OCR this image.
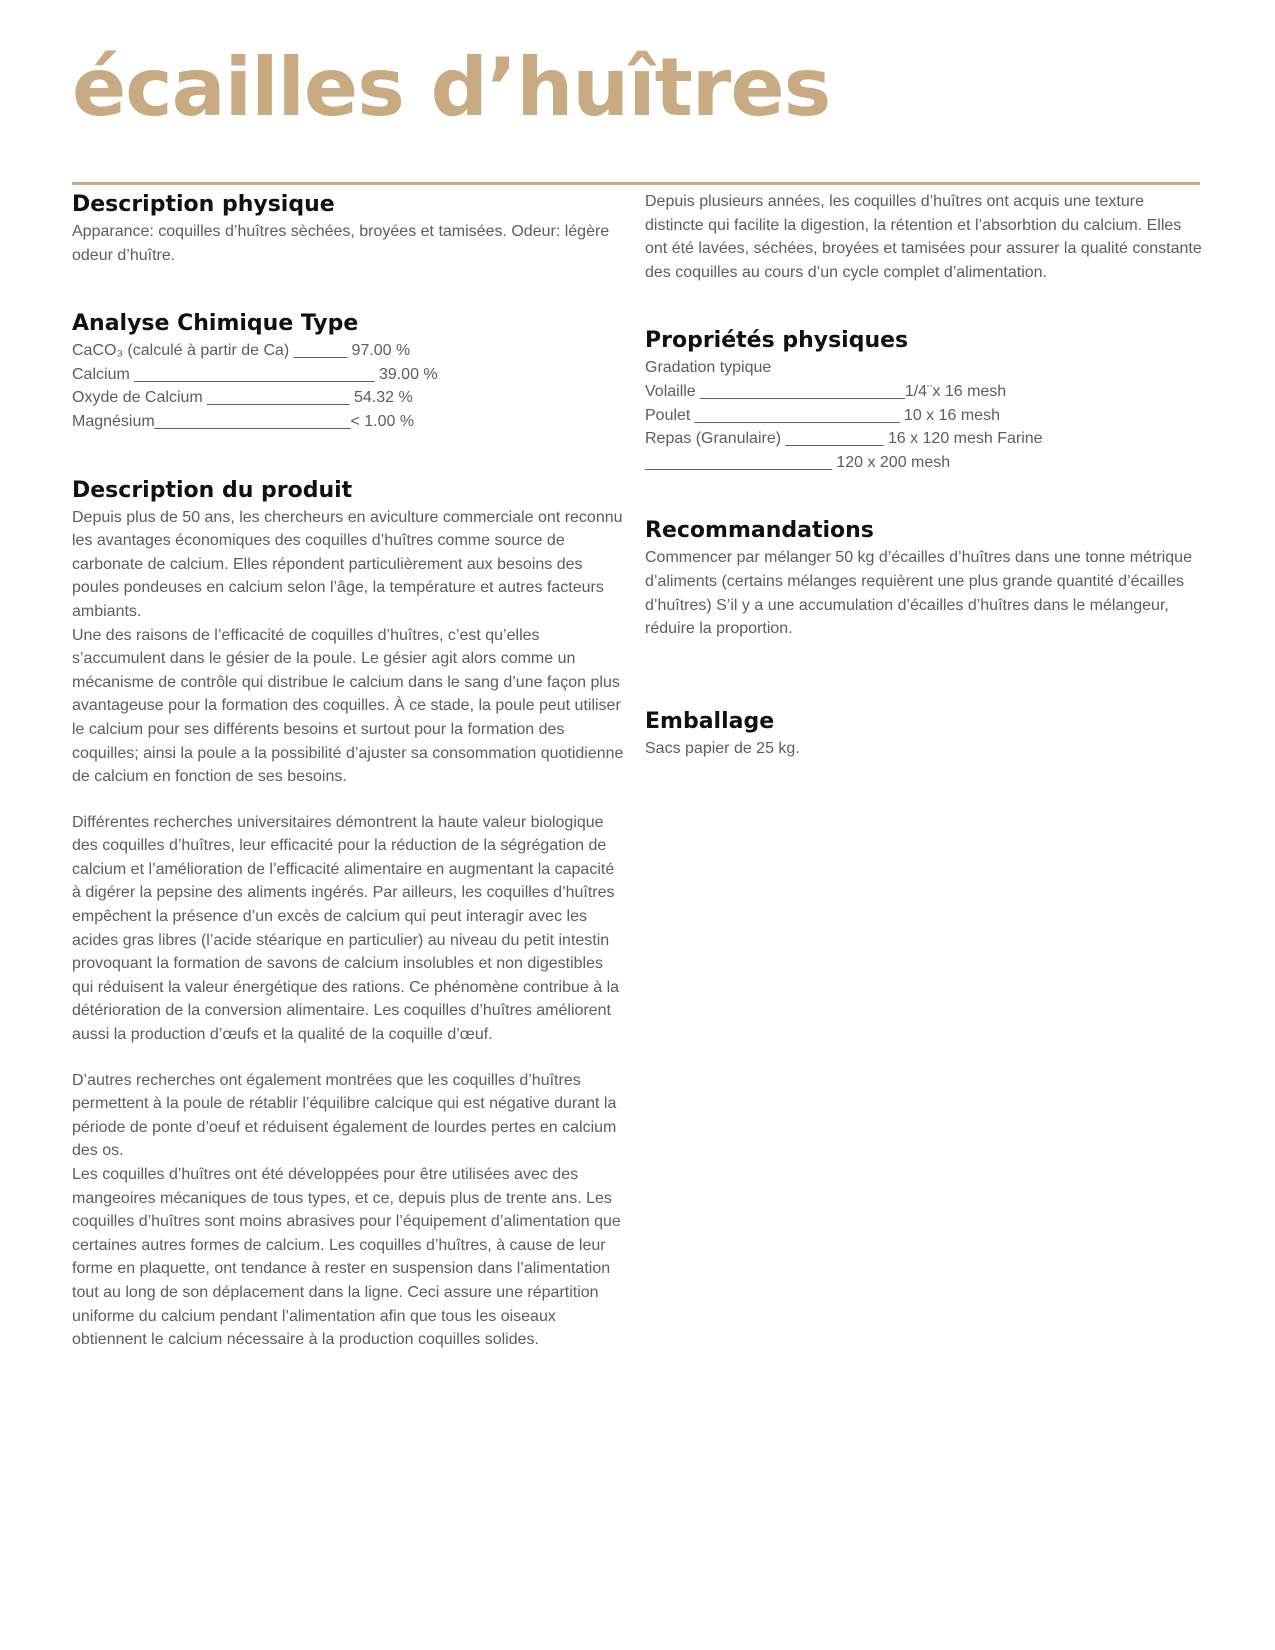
écailles d’huîtres
Description physique

Apparance: coquilles d’huîtres sèchées, broyées et tamisées. Odeur: légère odeur d’huître.

Analyse Chimique Type
CaCO₃ (calculé à partir de Ca) ______ 97.00 %
Calcium ___________________________ 39.00 %
Oxyde de Calcium ________________ 54.32 %
Magnésium______________________< 1.00 %
Description du produit

Depuis plus de 50 ans, les chercheurs en aviculture commerciale ont reconnu les avantages économiques des coquilles d’huîtres comme source de carbonate de calcium. Elles répondent particulièrement aux besoins des poules pondeuses en calcium selon l’âge, la température et autres facteurs ambiants.

Une des raisons de l’efficacité de coquilles d’huîtres, c’est qu’elles s’accumulent dans le gésier de la poule. Le gésier agit alors comme un mécanisme de contrôle qui distribue le calcium dans le sang d’une façon plus avantageuse pour la formation des coquilles. À ce stade, la poule peut utiliser le calcium pour ses différents besoins et surtout pour la formation des coquilles; ainsi la poule a la possibilité d’ajuster sa consommation quotidienne de calcium en fonction de ses besoins.

Différentes recherches universitaires démontrent la haute valeur biologique des coquilles d’huîtres, leur efficacité pour la réduction de la ségrégation de calcium et l’amélioration de l’efficacité alimentaire en augmentant la capacité à digérer la pepsine des aliments ingérés. Par ailleurs, les coquilles d’huîtres empêchent la présence d’un excès de calcium qui peut interagir avec les acides gras libres (l’acide stéarique en particulier) au niveau du petit intestin provoquant la formation de savons de calcium insolubles et non digestibles qui réduisent la valeur énergétique des rations. Ce phénomène contribue à la détérioration de la conversion alimentaire. Les coquilles d’huîtres améliorent aussi la production d’œufs et la qualité de la coquille d’œuf.

D’autres recherches ont également montrées que les coquilles d’huîtres permettent à la poule de rétablir l’équilibre calcique qui est négative durant la période de ponte d’oeuf et réduisent également de lourdes pertes en calcium des os.

Les coquilles d’huîtres ont été développées pour être utilisées avec des mangeoires mécaniques de tous types, et ce, depuis plus de trente ans. Les coquilles d’huîtres sont moins abrasives pour l’équipement d’alimentation que certaines autres formes de calcium. Les coquilles d’huîtres, à cause de leur forme en plaquette, ont tendance à rester en suspension dans l’alimentation tout au long de son déplacement dans la ligne. Ceci assure une répartition uniforme du calcium pendant l’alimentation afin que tous les oiseaux obtiennent le calcium nécessaire à la production coquilles solides.

Depuis plusieurs années, les coquilles d’huîtres ont acquis une texture distincte qui facilite la digestion, la rétention et l’absorbtion du calcium. Elles ont été lavées, séchées, broyées et tamisées pour assurer la qualité constante des coquilles au cours d’un cycle complet d’alimentation.

Propriétés physiques
Gradation typique
Volaille _______________________1/4¨x 16 mesh
Poulet _______________________ 10 x 16 mesh
Repas (Granulaire) ___________ 16 x 120 mesh Farine
_____________________ 120 x 200 mesh
Recommandations

Commencer par mélanger 50 kg d’écailles d’huîtres dans une tonne métrique d’aliments (certains mélanges requièrent une plus grande quantité d’écailles d’huîtres) S’il y a une accumulation d’écailles d’huîtres dans le mélangeur, réduire la proportion.

Emballage

Sacs papier de 25 kg.
